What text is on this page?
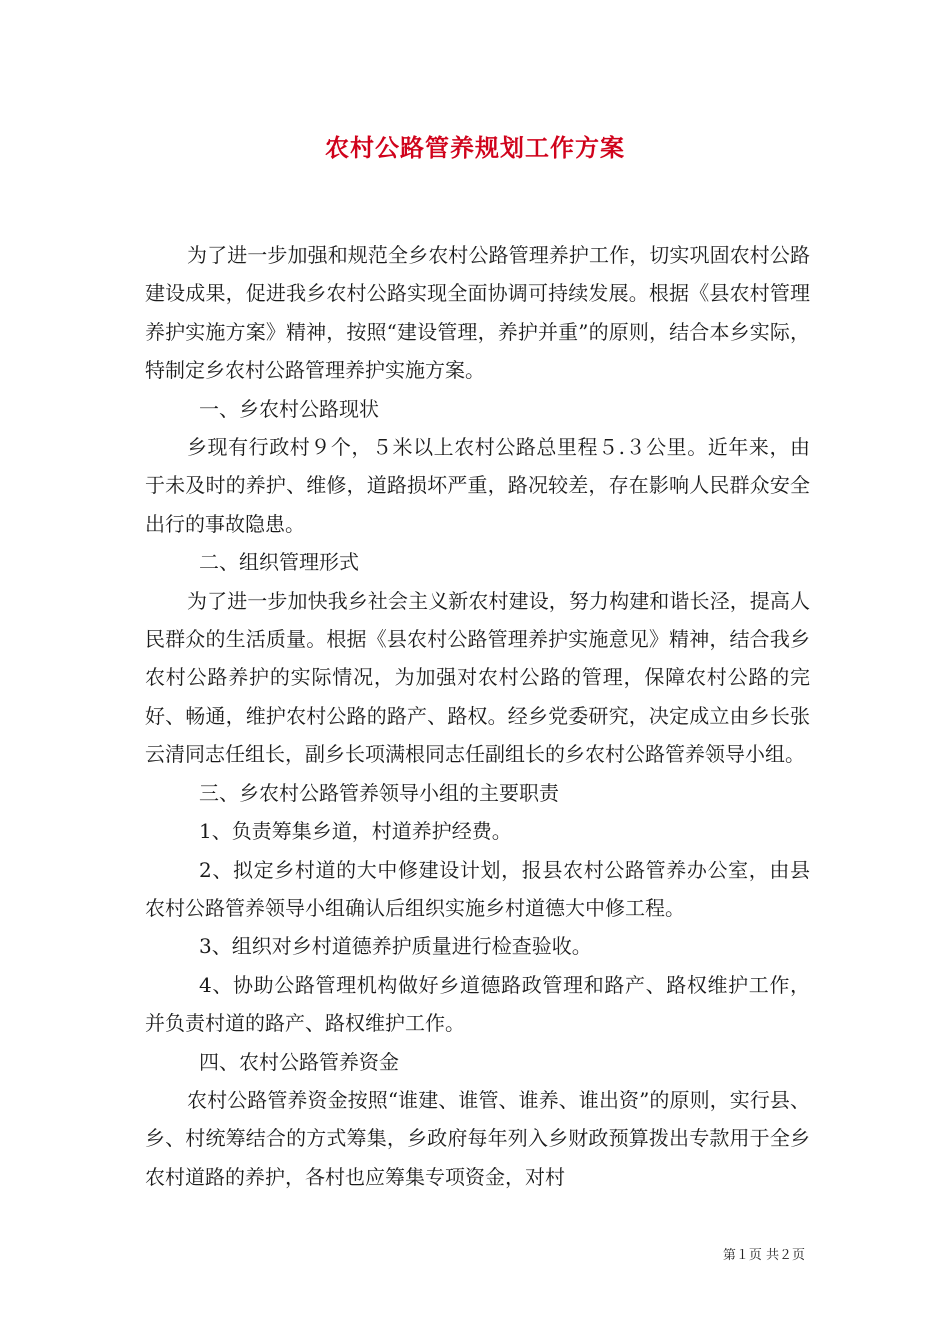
农村公路管养规划工作方案

为了进一步加强和规范全乡农村公路管理养护工作，切实巩固农村公路建设成果，促进我乡农村公路实现全面协调可持续发展。根据《县农村管理养护实施方案》精神，按照“建设管理，养护并重”的原则，结合本乡实际，特制定乡农村公路管理养护实施方案。

一、乡农村公路现状

乡现有行政村９个，５米以上农村公路总里程５.３公里。近年来，由于未及时的养护、维修，道路损坏严重，路况较差，存在影响人民群众安全出行的事故隐患。

二、组织管理形式

为了进一步加快我乡社会主义新农村建设，努力构建和谐长泾，提高人民群众的生活质量。根据《县农村公路管理养护实施意见》精神，结合我乡农村公路养护的实际情况，为加强对农村公路的管理，保障农村公路的完好、畅通，维护农村公路的路产、路权。经乡党委研究，决定成立由乡长张云清同志任组长，副乡长项满根同志任副组长的乡农村公路管养领导小组。

三、乡农村公路管养领导小组的主要职责

1、负责筹集乡道，村道养护经费。

2、拟定乡村道的大中修建设计划，报县农村公路管养办公室，由县农村公路管养领导小组确认后组织实施乡村道德大中修工程。

3、组织对乡村道德养护质量进行检查验收。

4、协助公路管理机构做好乡道德路政管理和路产、路权维护工作，并负责村道的路产、路权维护工作。

四、农村公路管养资金

农村公路管养资金按照“谁建、谁管、谁养、谁出资”的原则，实行县、乡、村统筹结合的方式筹集，乡政府每年列入乡财政预算拨出专款用于全乡农村道路的养护，各村也应筹集专项资金，对村

第１页 共２页
